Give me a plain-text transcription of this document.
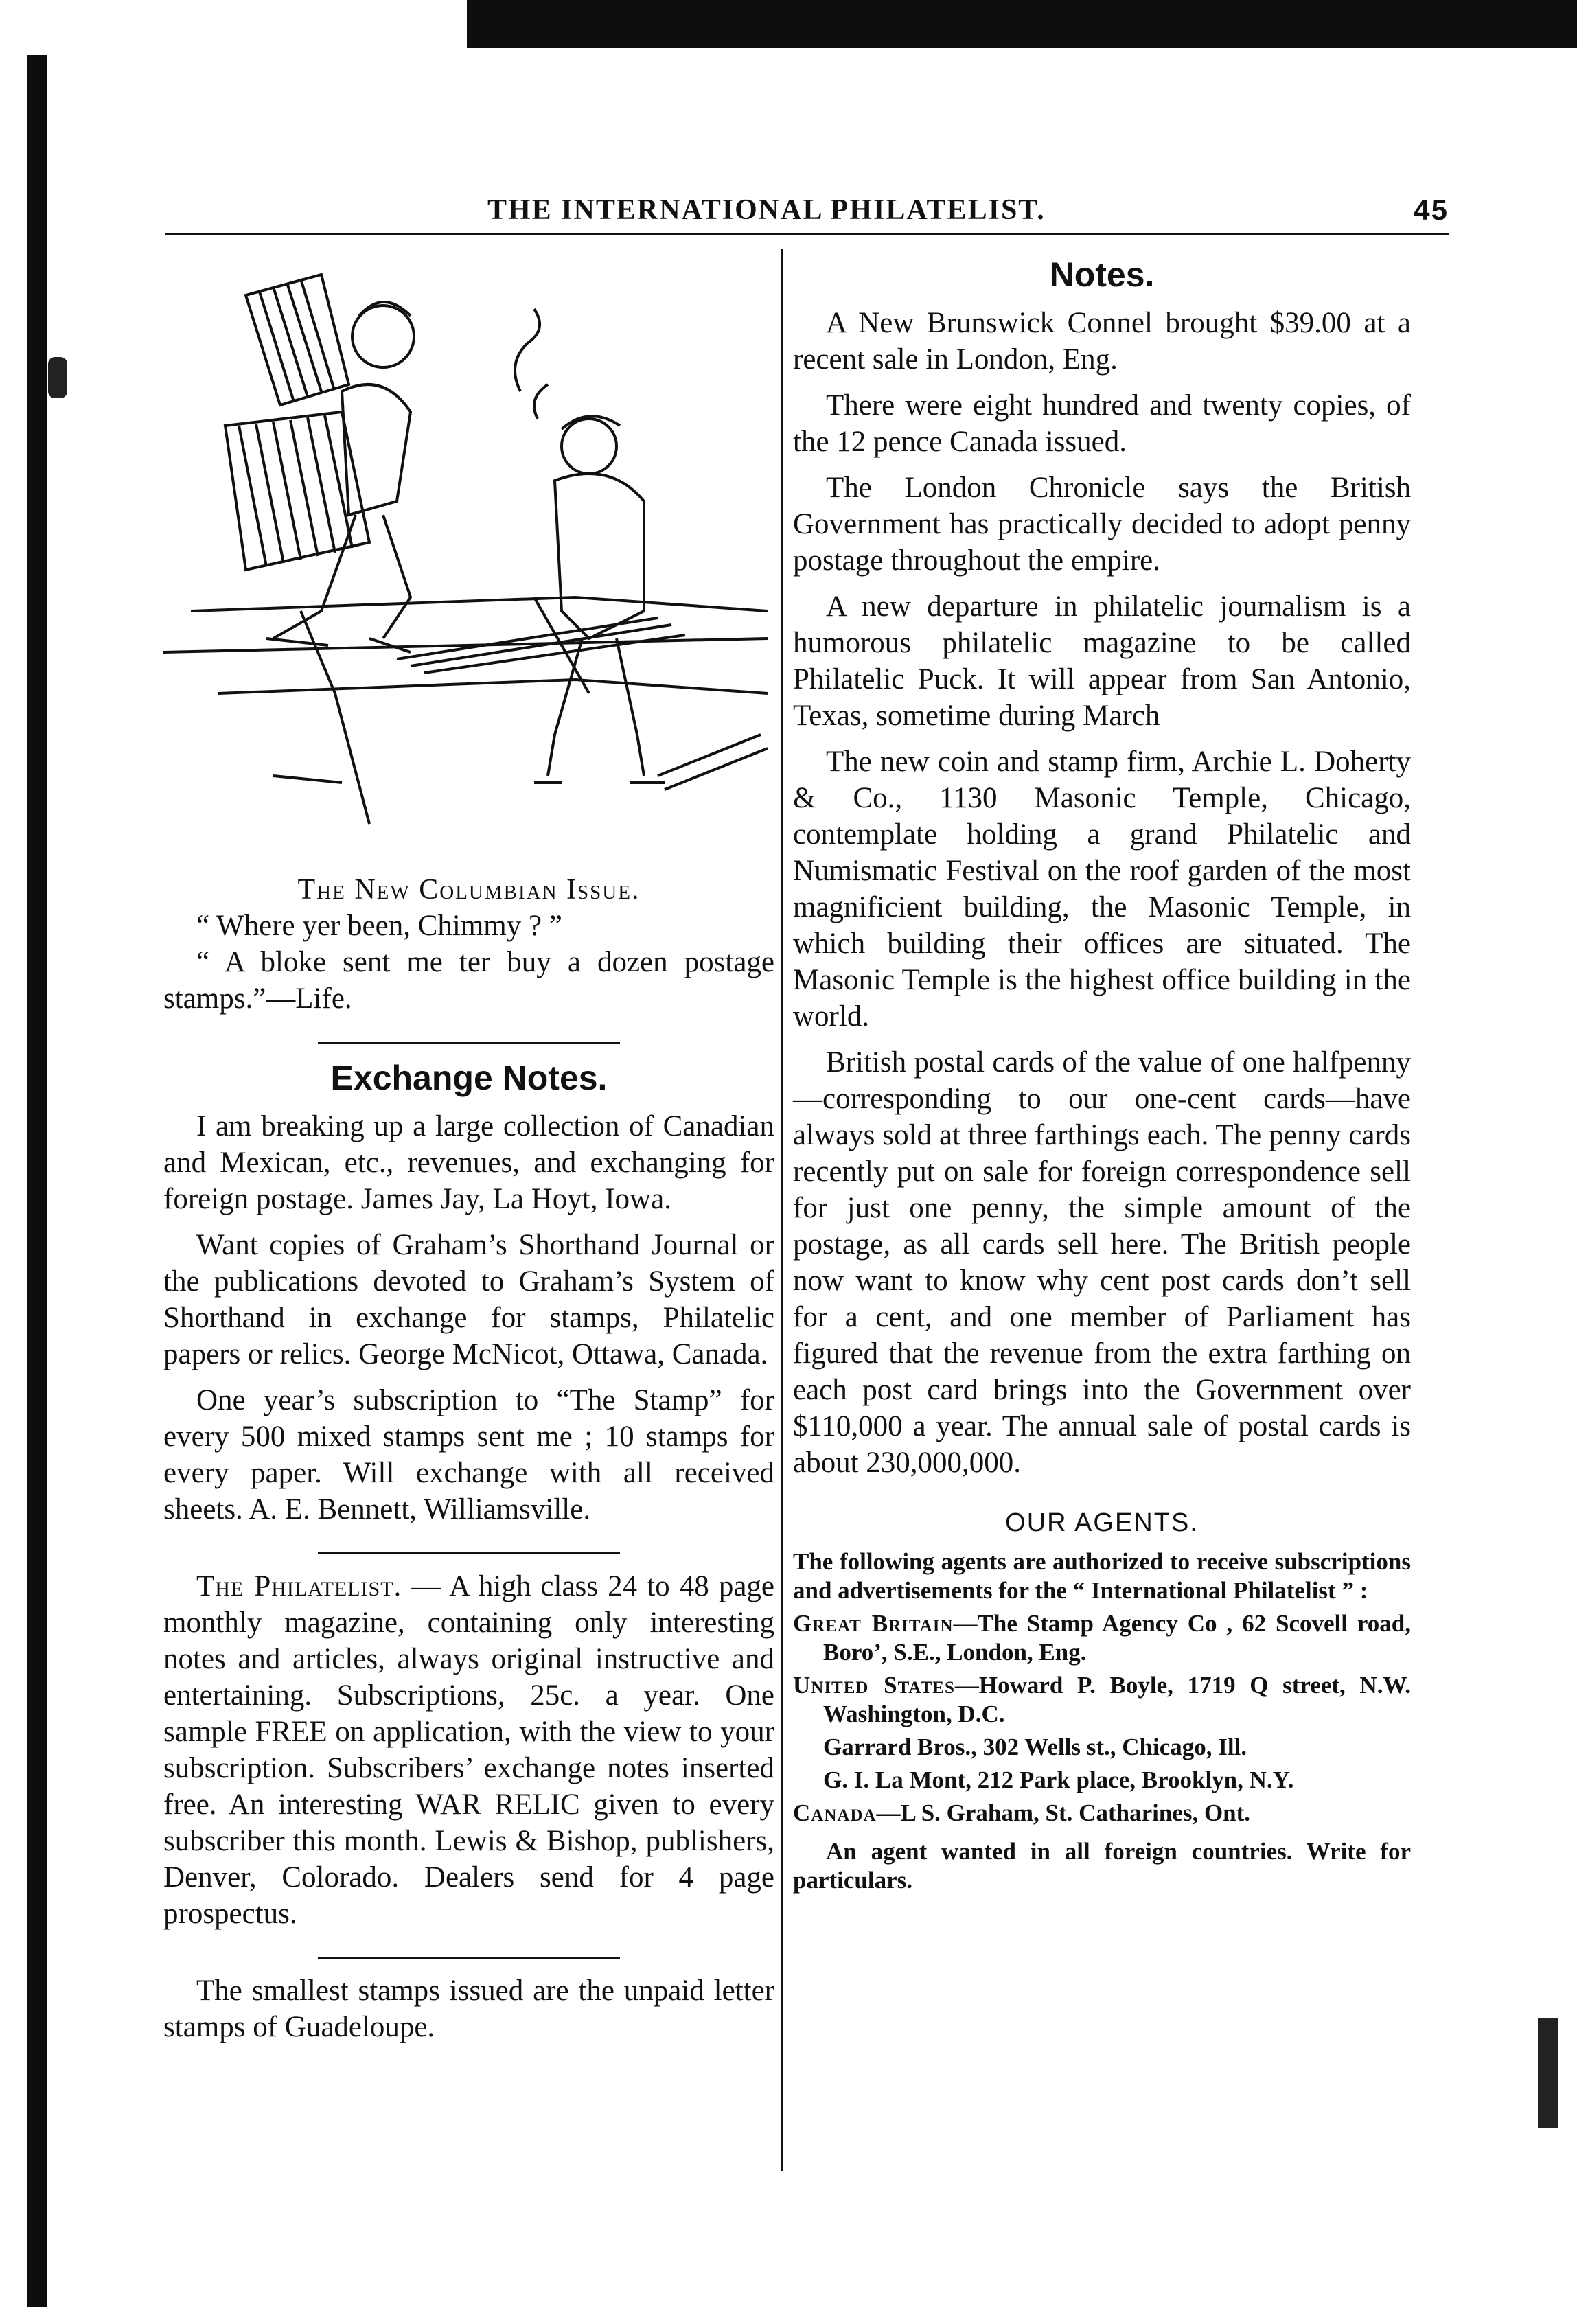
THE INTERNATIONAL PHILATELIST.	45
The New Columbian Issue.

“ Where yer been, Chimmy ? ”

“ A bloke sent me ter buy a dozen postage stamps.”—Life.

Exchange Notes.

I am breaking up a large collection of Canadian and Mexican, etc., revenues, and exchanging for foreign postage. James Jay, La Hoyt, Iowa.

Want copies of Graham’s Shorthand Journal or the publications devoted to Graham’s System of Shorthand in exchange for stamps, Philatelic papers or relics. George McNicot, Ottawa, Canada.

One year’s subscription to “The Stamp” for every 500 mixed stamps sent me ; 10 stamps for every paper. Will exchange with all received sheets. A. E. Bennett, Williamsville.

The Philatelist. — A high class 24 to 48 page monthly magazine, containing only interesting notes and articles, always original instructive and entertaining. Subscriptions, 25c. a year. One sample FREE on application, with the view to your subscription. Subscribers’ exchange notes inserted free. An interesting WAR RELIC given to every subscriber this month. Lewis & Bishop, publishers, Denver, Colorado. Dealers send for 4 page prospectus.

The smallest stamps issued are the unpaid letter stamps of Guadeloupe.

Notes.

A New Brunswick Connel brought $39.00 at a recent sale in London, Eng.

There were eight hundred and twenty copies, of the 12 pence Canada issued.

The London Chronicle says the British Government has practically decided to adopt penny postage throughout the empire.

A new departure in philatelic journalism is a humorous philatelic magazine to be called Philatelic Puck. It will appear from San Antonio, Texas, sometime during March

The new coin and stamp firm, Archie L. Doherty & Co., 1130 Masonic Temple, Chicago, contemplate holding a grand Philatelic and Numismatic Festival on the roof garden of the most magnificient building, the Masonic Temple, in which building their offices are situated. The Masonic Temple is the highest office building in the world.

British postal cards of the value of one halfpenny—corresponding to our one-cent cards—have always sold at three farthings each. The penny cards recently put on sale for foreign correspondence sell for just one penny, the simple amount of the postage, as all cards sell here. The British people now want to know why cent post cards don’t sell for a cent, and one member of Parliament has figured that the revenue from the extra farthing on each post card brings into the Government over $110,000 a year. The annual sale of postal cards is about 230,000,000.

OUR AGENTS.

The following agents are authorized to receive subscriptions and advertisements for the “ International Philatelist ” :

Great Britain—The Stamp Agency Co , 62 Scovell road, Boro’, S.E., London, Eng.

United States—Howard P. Boyle, 1719 Q street, N.W. Washington, D.C.

Garrard Bros., 302 Wells st., Chicago, Ill.

G. I. La Mont, 212 Park place, Brooklyn, N.Y.

Canada—L S. Graham, St. Catharines, Ont.

An agent wanted in all foreign countries. Write for particulars.
